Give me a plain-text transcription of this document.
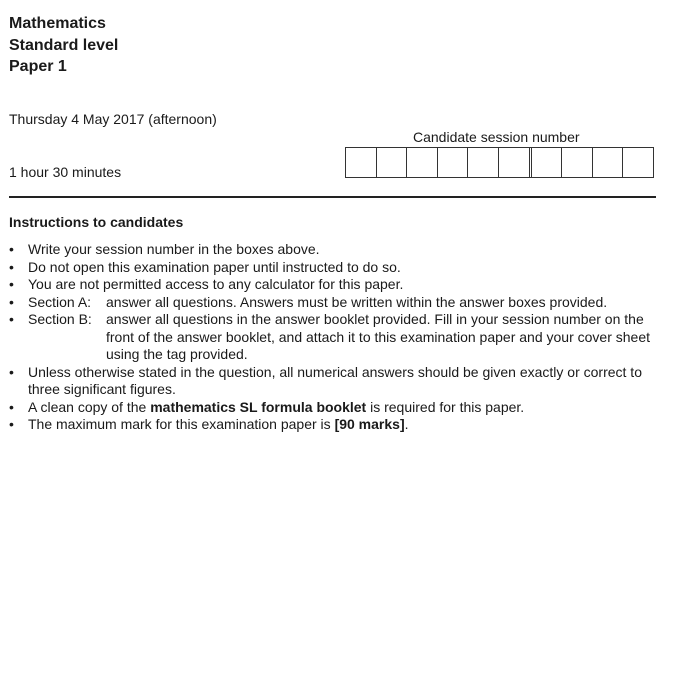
Mathematics
Standard level
Paper 1
Thursday 4 May 2017 (afternoon)
1 hour 30 minutes
Candidate session number
Instructions to candidates
•	Write your session number in the boxes above.
•	Do not open this examination paper until instructed to do so.
•	You are not permitted access to any calculator for this paper.
•	Section A: answer all questions. Answers must be written within the answer boxes provided.
•	Section B: answer all questions in the answer booklet provided. Fill in your session number on the front of the answer booklet, and attach it to this examination paper and your cover sheet using the tag provided.
•	Unless otherwise stated in the question, all numerical answers should be given exactly or correct to three significant figures.
•	A clean copy of the mathematics SL formula booklet is required for this paper.
•	The maximum mark for this examination paper is [90 marks].
